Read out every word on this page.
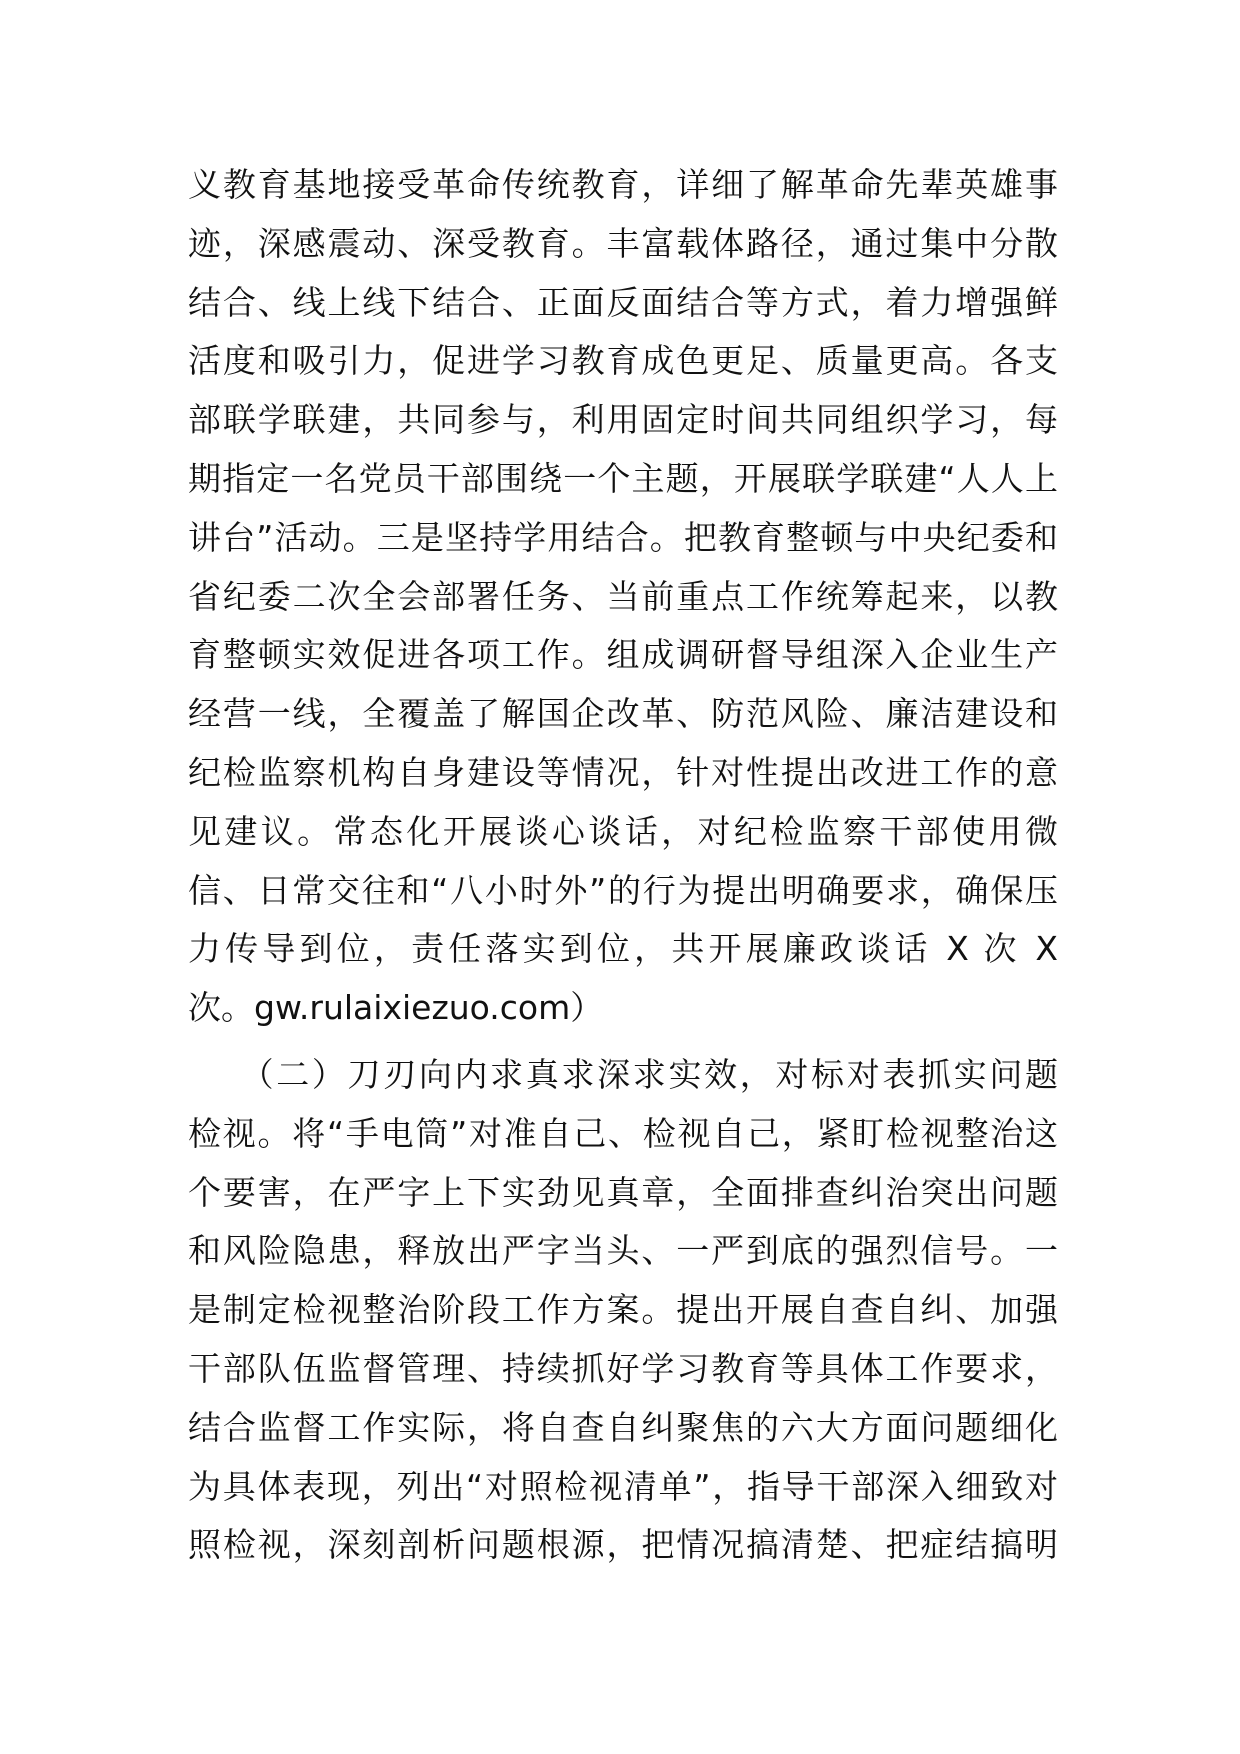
义教育基地接受革命传统教育，详细了解革命先辈英雄事
迹，深感震动、深受教育。丰富载体路径，通过集中分散
结合、线上线下结合、正面反面结合等方式，着力增强鲜
活度和吸引力，促进学习教育成色更足、质量更高。各支
部联学联建，共同参与，利用固定时间共同组织学习，每
期指定一名党员干部围绕一个主题，开展联学联建“人人上
讲台”活动。三是坚持学用结合。把教育整顿与中央纪委和
省纪委二次全会部署任务、当前重点工作统筹起来，以教
育整顿实效促进各项工作。组成调研督导组深入企业生产
经营一线，全覆盖了解国企改革、防范风险、廉洁建设和
纪检监察机构自身建设等情况，针对性提出改进工作的意
见建议。常态化开展谈心谈话，对纪检监察干部使用微
信、日常交往和“八小时外”的行为提出明确要求，确保压
力传导到位，责任落实到位，共开展廉政谈话 X 次 X
次。gw.rulaixiezuo.com）
（二）刀刃向内求真求深求实效，对标对表抓实问题
检视。将“手电筒”对准自己、检视自己，紧盯检视整治这
个要害，在严字上下实劲见真章，全面排查纠治突出问题
和风险隐患，释放出严字当头、一严到底的强烈信号。一
是制定检视整治阶段工作方案。提出开展自查自纠、加强
干部队伍监督管理、持续抓好学习教育等具体工作要求，
结合监督工作实际，将自查自纠聚焦的六大方面问题细化
为具体表现，列出“对照检视清单”，指导干部深入细致对
照检视，深刻剖析问题根源，把情况搞清楚、把症结搞明
